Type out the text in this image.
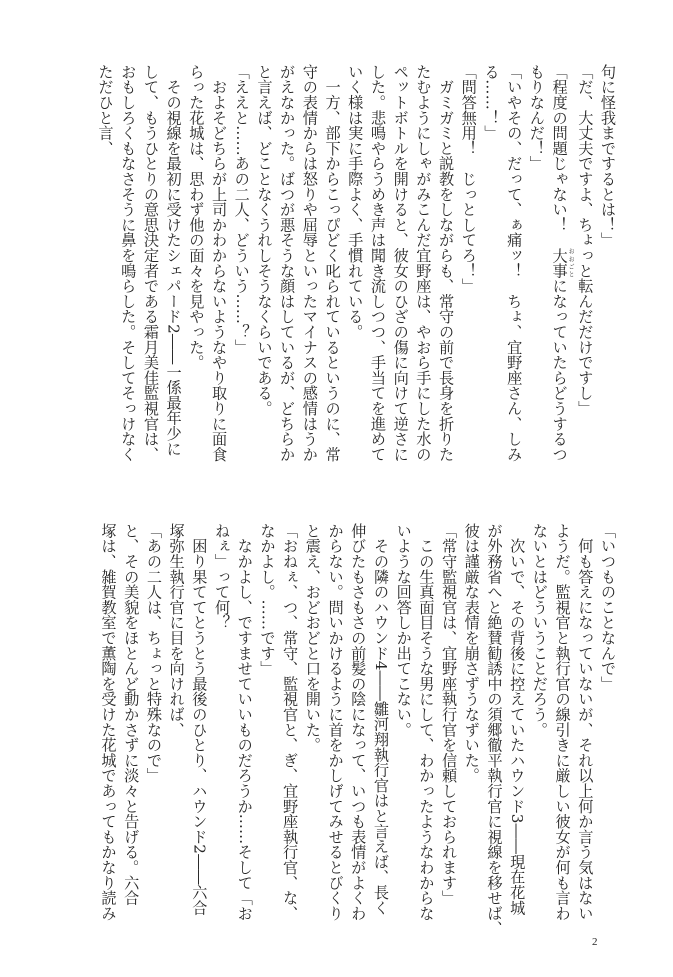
句に怪我までするとは！」

「だ、大丈夫ですよ、ちょっと転んだだけですし」

「程度の問題じゃない！　大事おおごとになっていたらどうするつ

もりなんだ！」

「いやその、だって、ぁ痛ッ！　ちょ、宜野座さん、しみ

る……！」

「問答無用！　じっとしてろ！」

　ガミガミと説教をしながらも、常守の前で長身を折りた

たむようにしゃがみこんだ宜野座は、やおら手にした水の

ペットボトルを開けると、彼女のひざの傷に向けて逆さに

した。悲鳴やらうめき声は聞き流しつつ、手当てを進めて

いく様は実に手際よく、手慣れている。

　一方、部下からこっぴどく叱られているというのに、常

守の表情からは怒りや屈辱といったマイナスの感情はうか

がえなかった。ばつが悪そうな顔はしているが、どちらか

と言えば、どことなくうれしそうなくらいである。

「ええと……あの二人、どういう……？」

　およそどちらが上司かわからないようなやり取りに面食

らった花城は、思わず他の面々を見やった。

　その視線を最初に受けたシェパード2――一係最年少に

して、もうひとりの意思決定者である霜月美佳監視官は、

おもしろくもなさそうに鼻を鳴らした。そしてそっけなく

ただひと言、

「いつものことなんで」

　何も答えになっていないが、それ以上何か言う気はない

ようだ。監視官と執行官の線引きに厳しい彼女が何も言わ

ないとはどういうことだろう。

　次いで、その背後に控えていたハウンド3――現在花城

が外務省へと絶賛勧誘中の須郷徹平執行官に視線を移せば、

彼は謹厳な表情を崩さずうなずいた。

「常守監視官は、宜野座執行官を信頼しておられます」

　この生真面目そうな男にして、わかったようなわからな

いような回答しか出てこない。

　その隣のハウンド4――雛河翔執行官はと言えば、長く

伸びたもさもさの前髪の陰になって、いつも表情がよくわ

からない。問いかけるように首をかしげてみせるとびくり

と震え、おどおどと口を開いた。

「おねぇ、つ、常守、監視官と、ぎ、宜野座執行官、な、

なかよし。……です」

　なかよし、ですませていいものだろうか……そして「お

ねぇ」って何？

　困り果ててとうとう最後のひとり、ハウンド2――六合

塚弥生執行官に目を向ければ、

「あの二人は、ちょっと特殊なので」

と、その美貌をほとんど動かさずに淡々と告げる。六合

塚は、雑賀教室で薫陶を受けた花城であってもかなり読み

2
